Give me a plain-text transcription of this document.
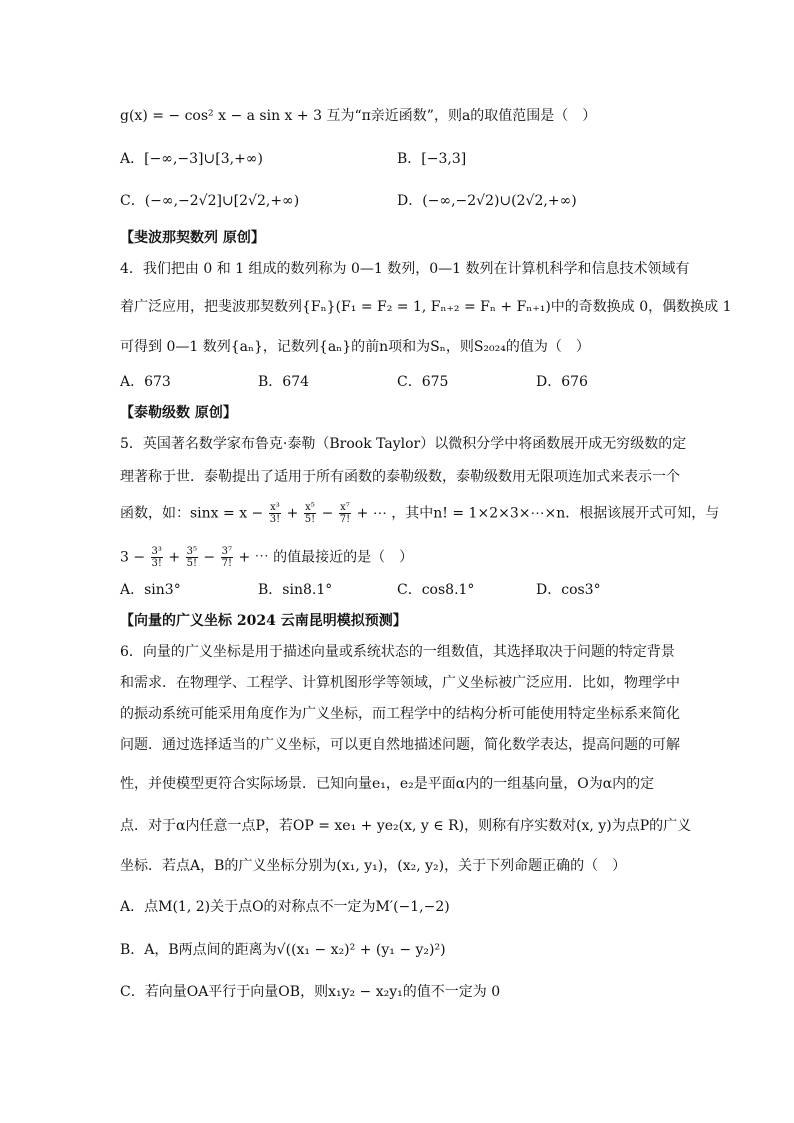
g(x) = − cos² x − a sin x + 3 互为“π亲近函数”，则a的取值范围是（　）
A．[−∞,−3]∪[3,+∞)	B．[−3,3]
C．(−∞,−2√2]∪[2√2,+∞)	D．(−∞,−2√2)∪(2√2,+∞)
【斐波那契数列 原创】
4．我们把由 0 和 1 组成的数列称为 0—1 数列，0—1 数列在计算机科学和信息技术领域有
着广泛应用，把斐波那契数列{Fₙ}(F₁ = F₂ = 1, Fₙ₊₂ = Fₙ + Fₙ₊₁)中的奇数换成 0，偶数换成 1
可得到 0—1 数列{aₙ}，记数列{aₙ}的前n项和为Sₙ，则S₂₀₂₄的值为（　）
A．673	B．674	C．675	D．676
【泰勒级数 原创】
5．英国著名数学家布鲁克·泰勒（Brook Taylor）以微积分学中将函数展开成无穷级数的定
理著称于世．泰勒提出了适用于所有函数的泰勒级数，泰勒级数用无限项连加式来表示一个
函数，如：$\sin x = x - \frac{\text{x³}}{3!} + \frac{\text{x⁵}}{5!} - \frac{\text{x⁷}}{7!}$ + ⋯ ，其中n! = 1×2×3×⋯×n．根据该展开式可知，与
$3 - \frac{\text{3³}}{3!} + \frac{\text{3⁵}}{5!} - \frac{\text{3⁷}}{7!}$ + ⋯ 的值最接近的是（　）
A．sin3°	B．sin8.1°	C．cos8.1°	D．cos3°
【向量的广义坐标 2024 云南昆明模拟预测】
6．向量的广义坐标是用于描述向量或系统状态的一组数值，其选择取决于问题的特定背景
和需求．在物理学、工程学、计算机图形学等领域，广义坐标被广泛应用．比如，物理学中
的振动系统可能采用角度作为广义坐标，而工程学中的结构分析可能使用特定坐标系来简化
问题．通过选择适当的广义坐标，可以更自然地描述问题，简化数学表达，提高问题的可解
性，并使模型更符合实际场景．已知向量e₁，e₂是平面α内的一组基向量，O为α内的定
点．对于α内任意一点P，若OP = xe₁ + ye₂(x, y ∈ R)，则称有序实数对(x, y)为点P的广义
坐标．若点A，B的广义坐标分别为(x₁, y₁)，(x₂, y₂)，关于下列命题正确的（　）
A．点M(1, 2)关于点O的对称点不一定为M′(−1,−2)
B．A，B两点间的距离为√((x₁ − x₂)² + (y₁ − y₂)²)
C．若向量OA平行于向量OB，则x₁y₂ − x₂y₁的值不一定为 0
